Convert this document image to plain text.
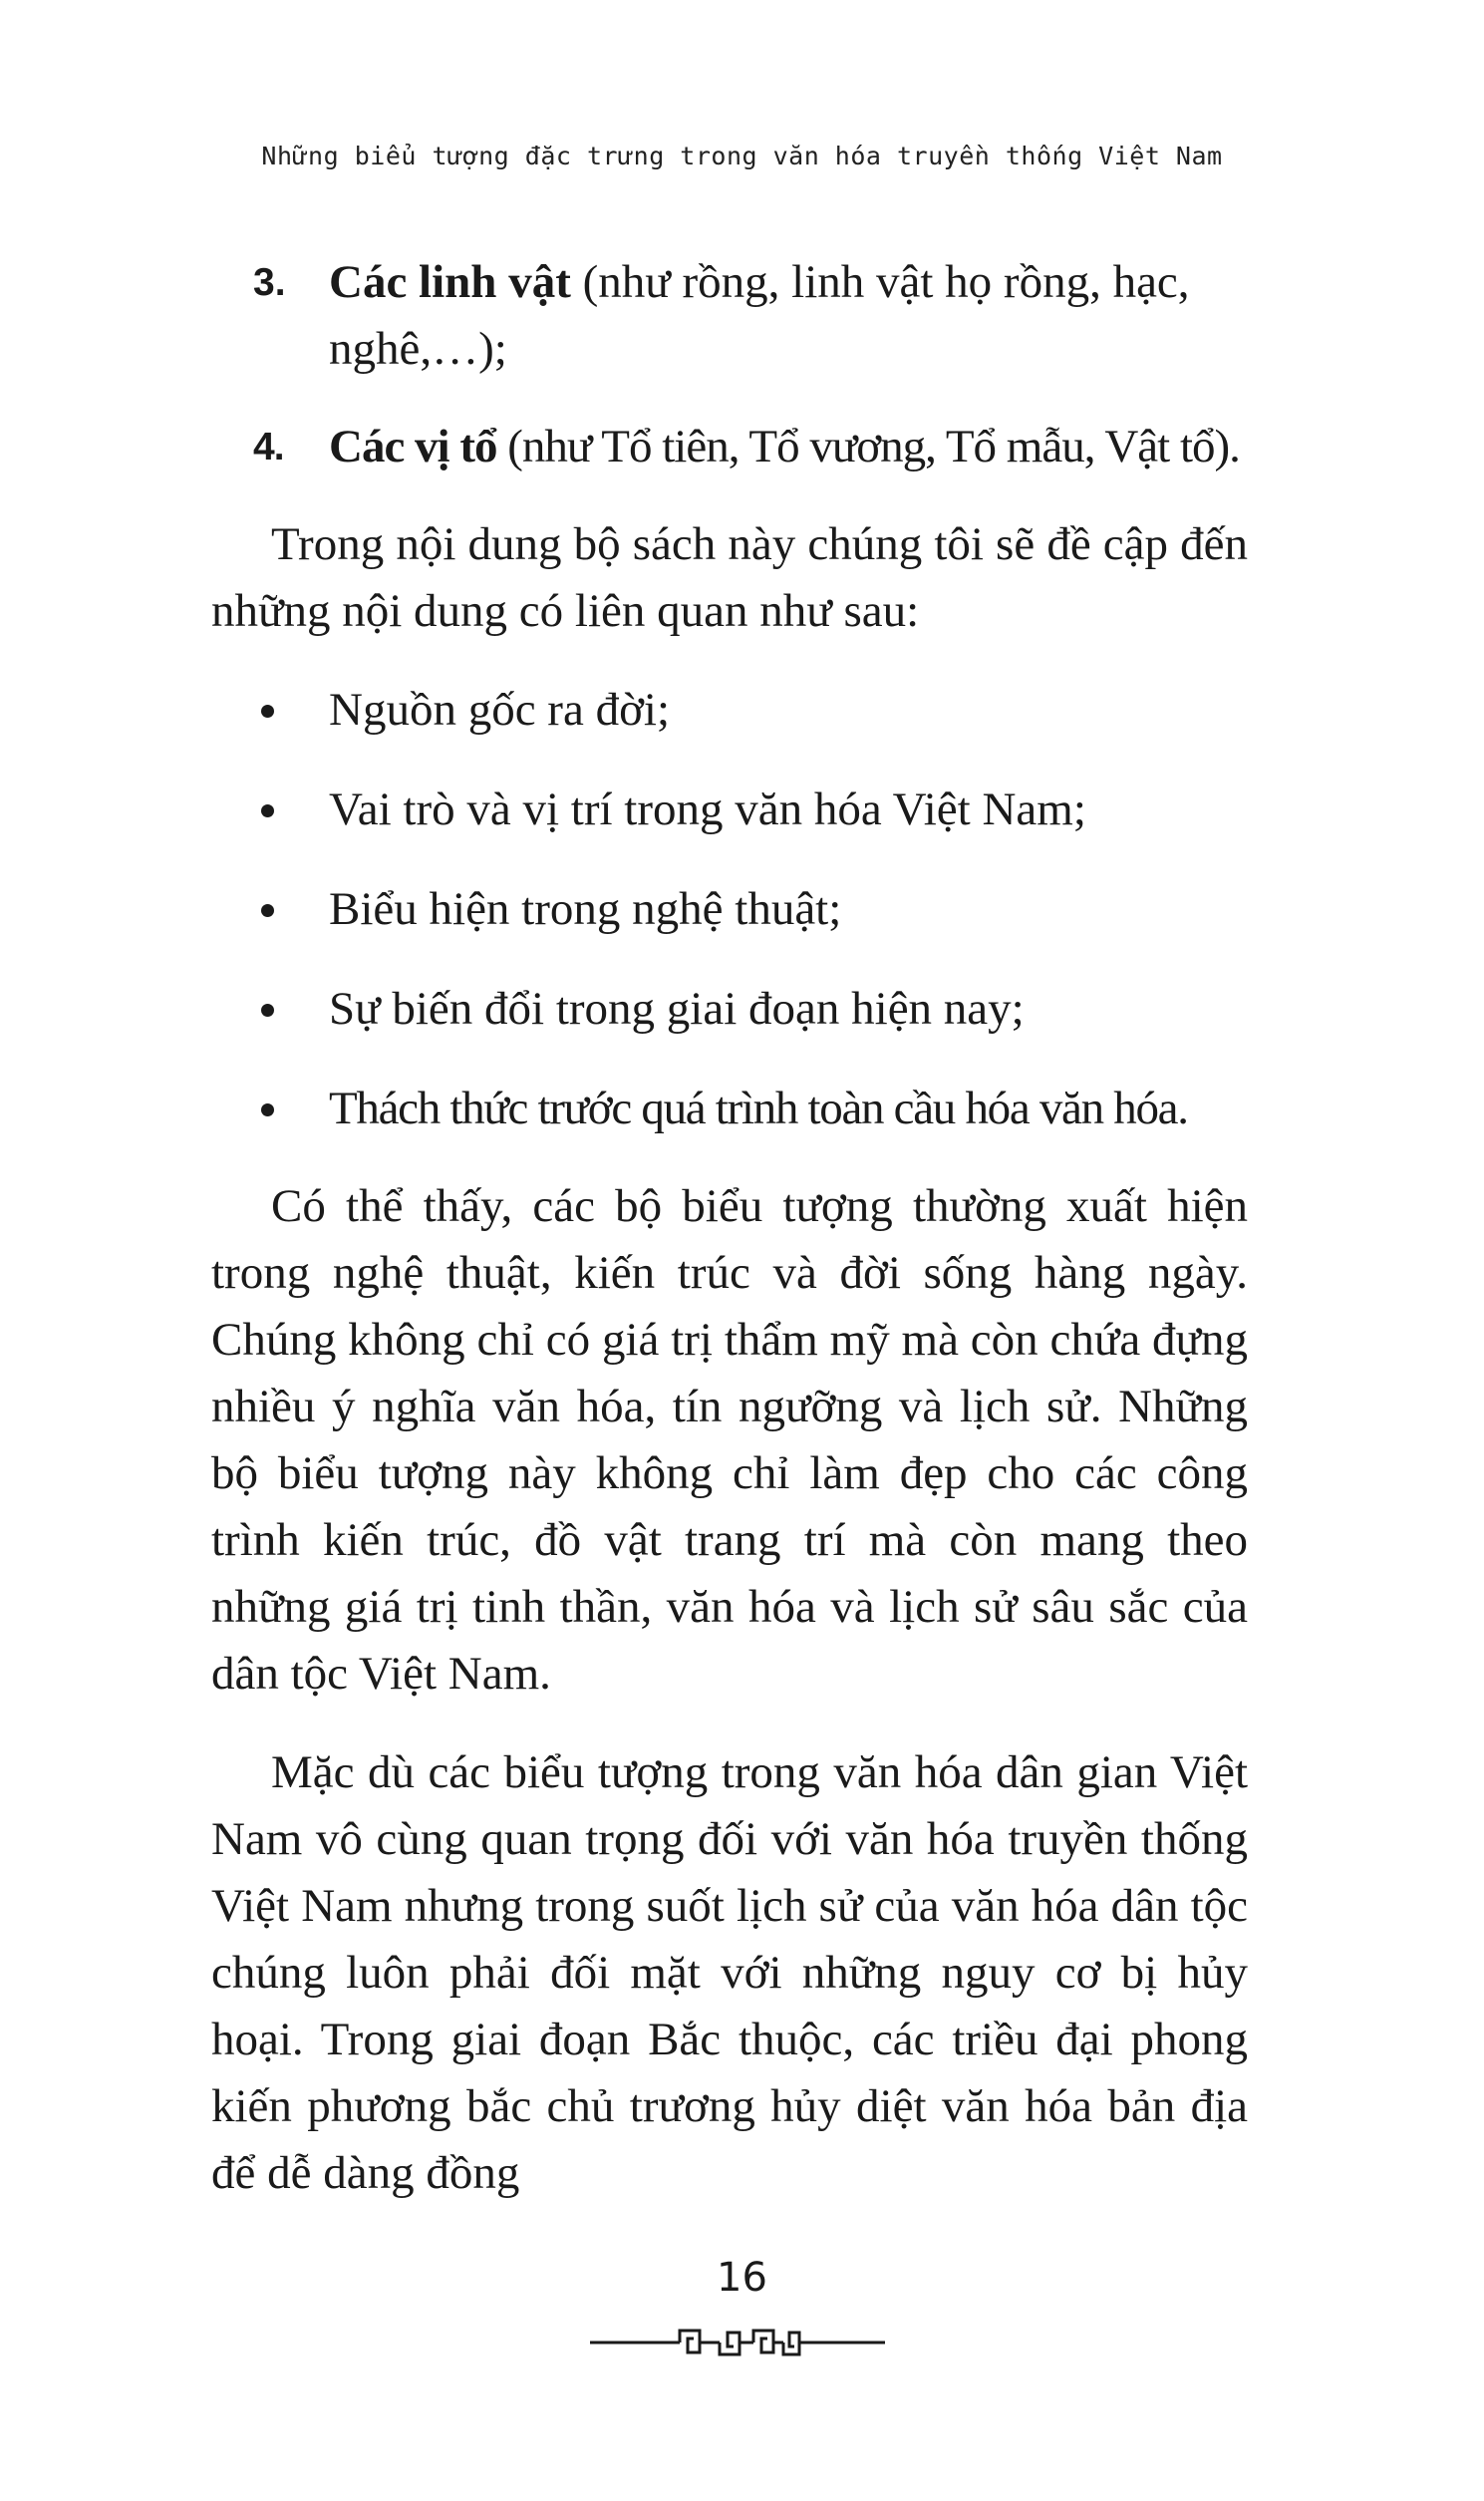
Những biểu tượng đặc trưng trong văn hóa truyền thống Việt Nam
3. Các linh vật (như rồng, linh vật họ rồng, hạc, nghê,…);
4. Các vị tổ (như Tổ tiên, Tổ vương, Tổ mẫu, Vật tổ).

Trong nội dung bộ sách này chúng tôi sẽ đề cập đến những nội dung có liên quan như sau:

Nguồn gốc ra đời;
Vai trò và vị trí trong văn hóa Việt Nam;
Biểu hiện trong nghệ thuật;
Sự biến đổi trong giai đoạn hiện nay;
Thách thức trước quá trình toàn cầu hóa văn hóa.

Có thể thấy, các bộ biểu tượng thường xuất hiện trong nghệ thuật, kiến trúc và đời sống hàng ngày. Chúng không chỉ có giá trị thẩm mỹ mà còn chứa đựng nhiều ý nghĩa văn hóa, tín ngưỡng và lịch sử. Những bộ biểu tượng này không chỉ làm đẹp cho các công trình kiến trúc, đồ vật trang trí mà còn mang theo những giá trị tinh thần, văn hóa và lịch sử sâu sắc của dân tộc Việt Nam.

Mặc dù các biểu tượng trong văn hóa dân gian Việt Nam vô cùng quan trọng đối với văn hóa truyền thống Việt Nam nhưng trong suốt lịch sử của văn hóa dân tộc chúng luôn phải đối mặt với những nguy cơ bị hủy hoại. Trong giai đoạn Bắc thuộc, các triều đại phong kiến phương bắc chủ trương hủy diệt văn hóa bản địa để dễ dàng đồng

16
